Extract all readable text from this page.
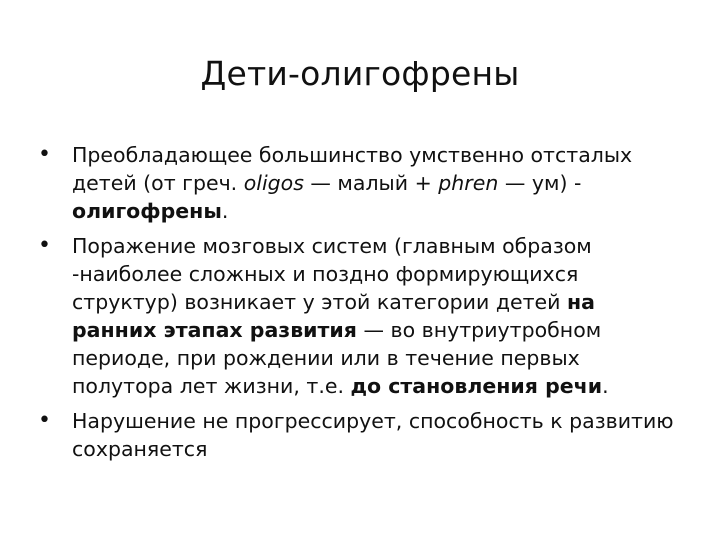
Дети-олигофрены
•	Преобладающее большинство умственно отсталых детей (от греч. oligos — малый + phren — ум) - олигофрены.
•	Поражение мозговых систем (главным образом -наиболее сложных и поздно формирующихся структур) возникает у этой категории детей на ранних этапах развития — во внутриутробном периоде, при рождении или в течение первых полутора лет жизни, т.е. до становления речи.
•	Нарушение не прогрессирует, способность к развитию сохраняется
